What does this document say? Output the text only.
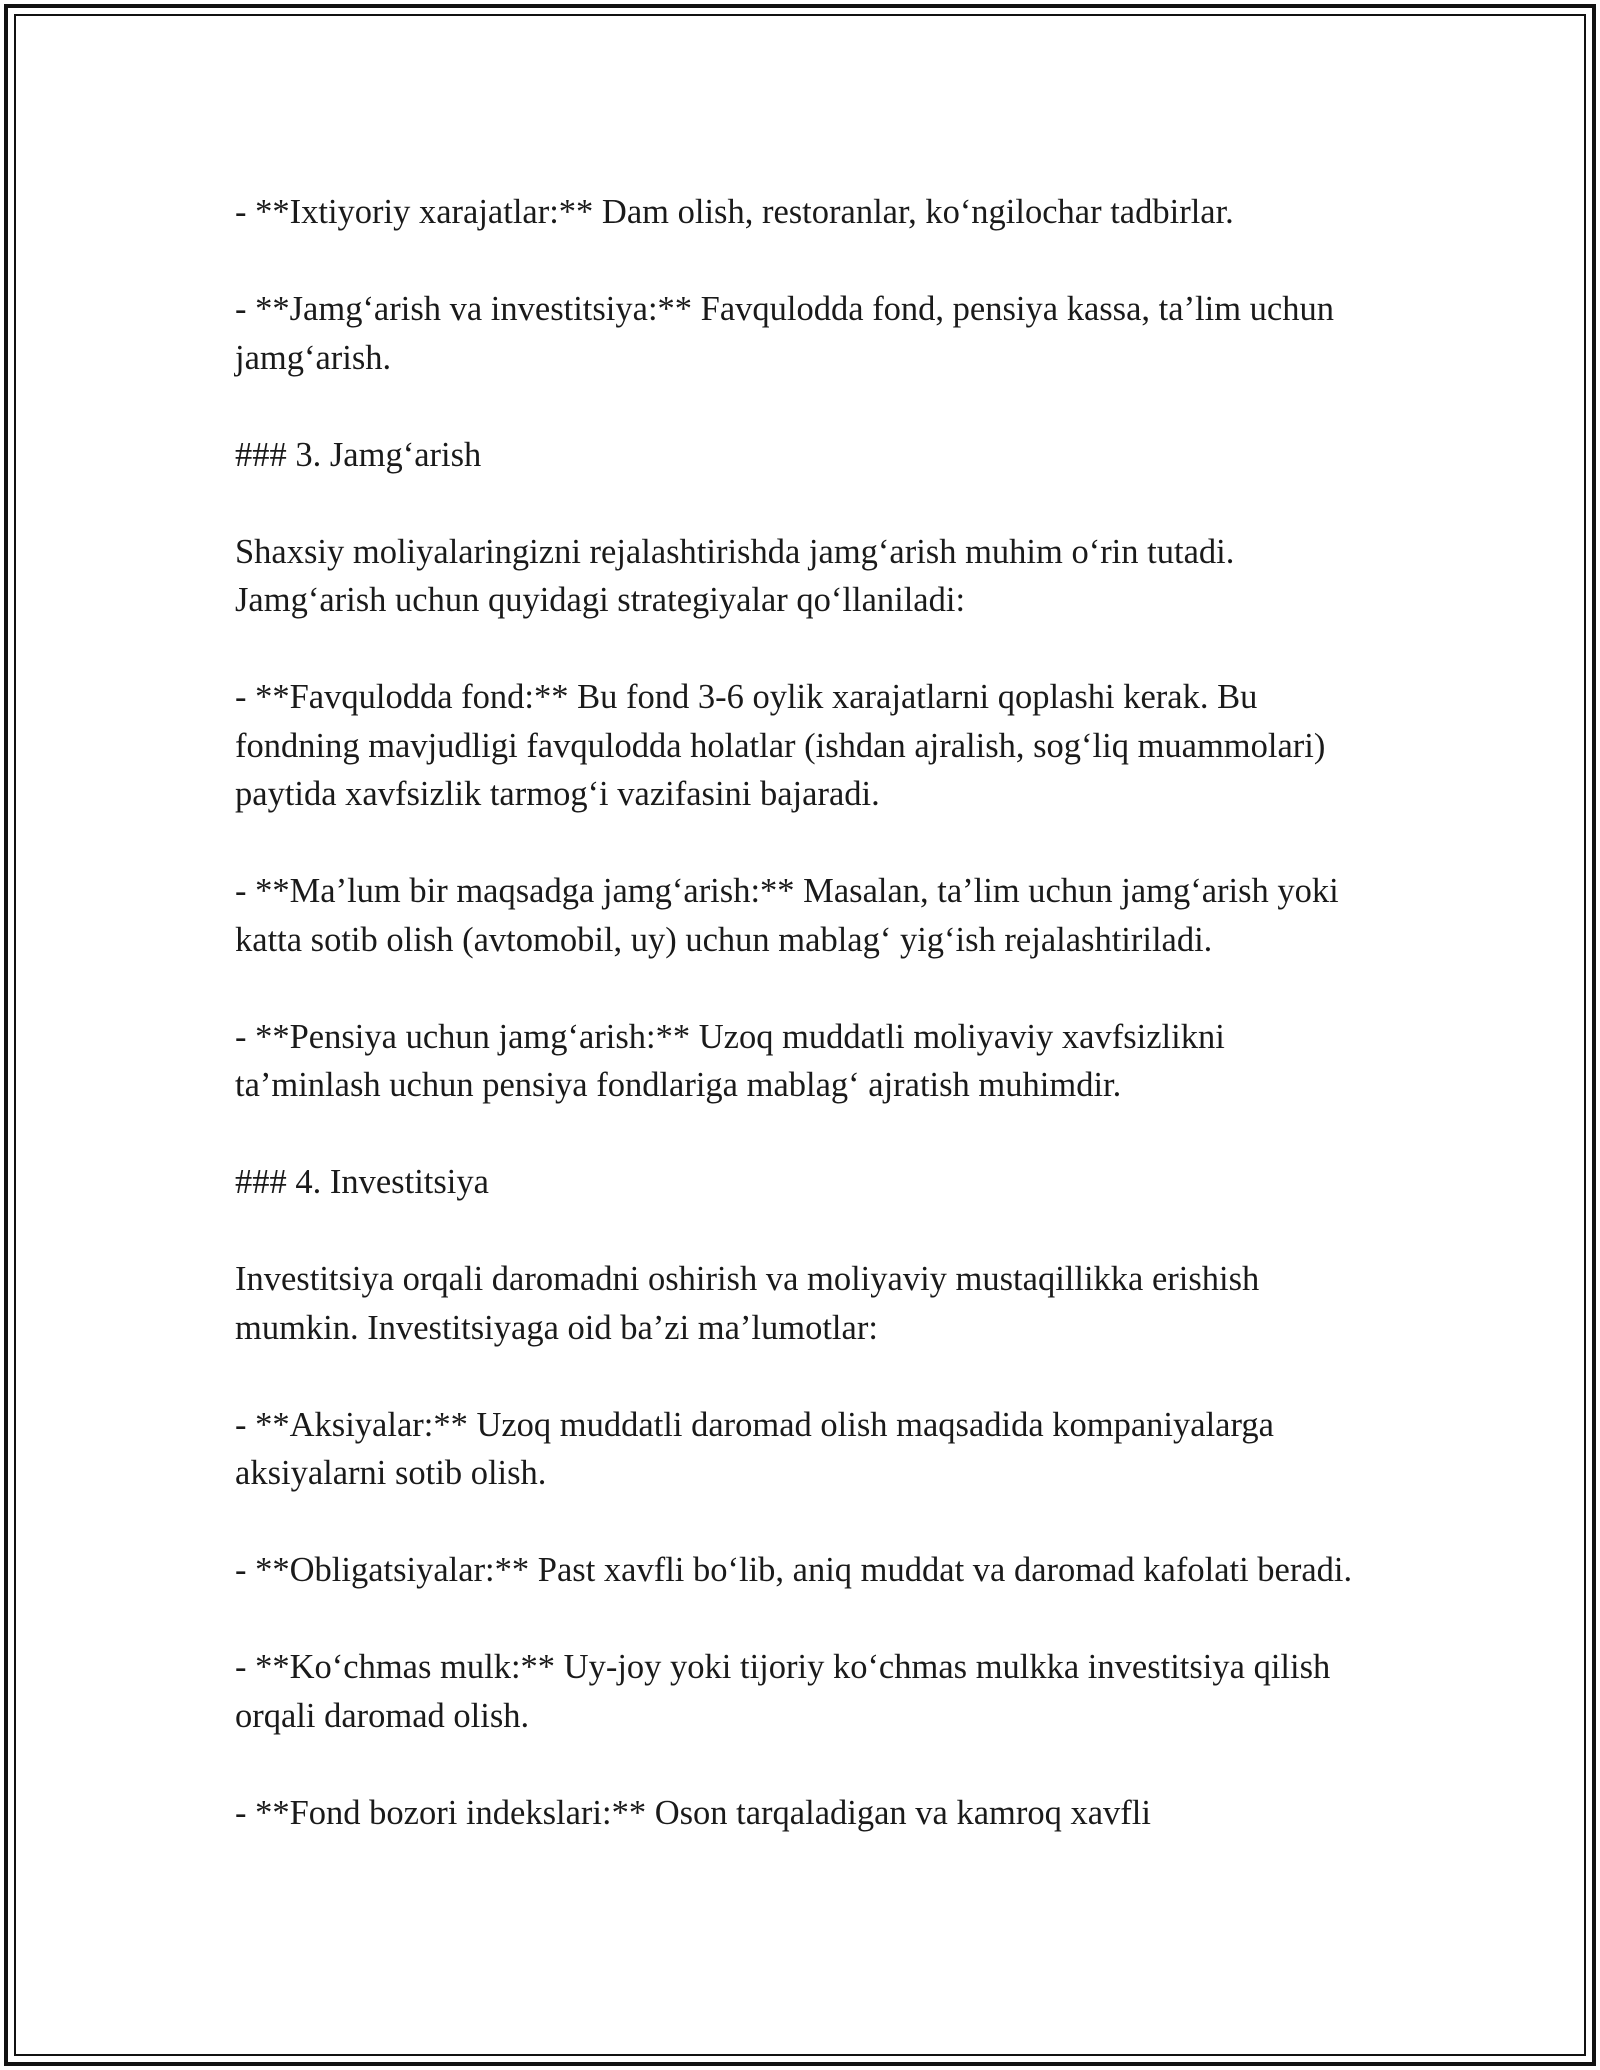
- **Ixtiyoriy xarajatlar:** Dam olish, restoranlar, ko‘ngilochar tadbirlar.

- **Jamg‘arish va investitsiya:** Favqulodda fond, pensiya kassa, ta’lim uchun jamg‘arish.

### 3. Jamg‘arish

Shaxsiy moliyalaringizni rejalashtirishda jamg‘arish muhim o‘rin tutadi. Jamg‘arish uchun quyidagi strategiyalar qo‘llaniladi:

- **Favqulodda fond:** Bu fond 3-6 oylik xarajatlarni qoplashi kerak. Bu fondning mavjudligi favqulodda holatlar (ishdan ajralish, sog‘liq muammolari) paytida xavfsizlik tarmog‘i vazifasini bajaradi.

- **Ma’lum bir maqsadga jamg‘arish:** Masalan, ta’lim uchun jamg‘arish yoki katta sotib olish (avtomobil, uy) uchun mablag‘ yig‘ish rejalashtiriladi.

- **Pensiya uchun jamg‘arish:** Uzoq muddatli moliyaviy xavfsizlikni ta’minlash uchun pensiya fondlariga mablag‘ ajratish muhimdir.

### 4. Investitsiya

Investitsiya orqali daromadni oshirish va moliyaviy mustaqillikka erishish mumkin. Investitsiyaga oid ba’zi ma’lumotlar:

- **Aksiyalar:** Uzoq muddatli daromad olish maqsadida kompaniyalarga aksiyalarni sotib olish.

- **Obligatsiyalar:** Past xavfli bo‘lib, aniq muddat va daromad kafolati beradi.

- **Ko‘chmas mulk:** Uy-joy yoki tijoriy ko‘chmas mulkka investitsiya qilish orqali daromad olish.

- **Fond bozori indekslari:** Oson tarqaladigan va kamroq xavfli
